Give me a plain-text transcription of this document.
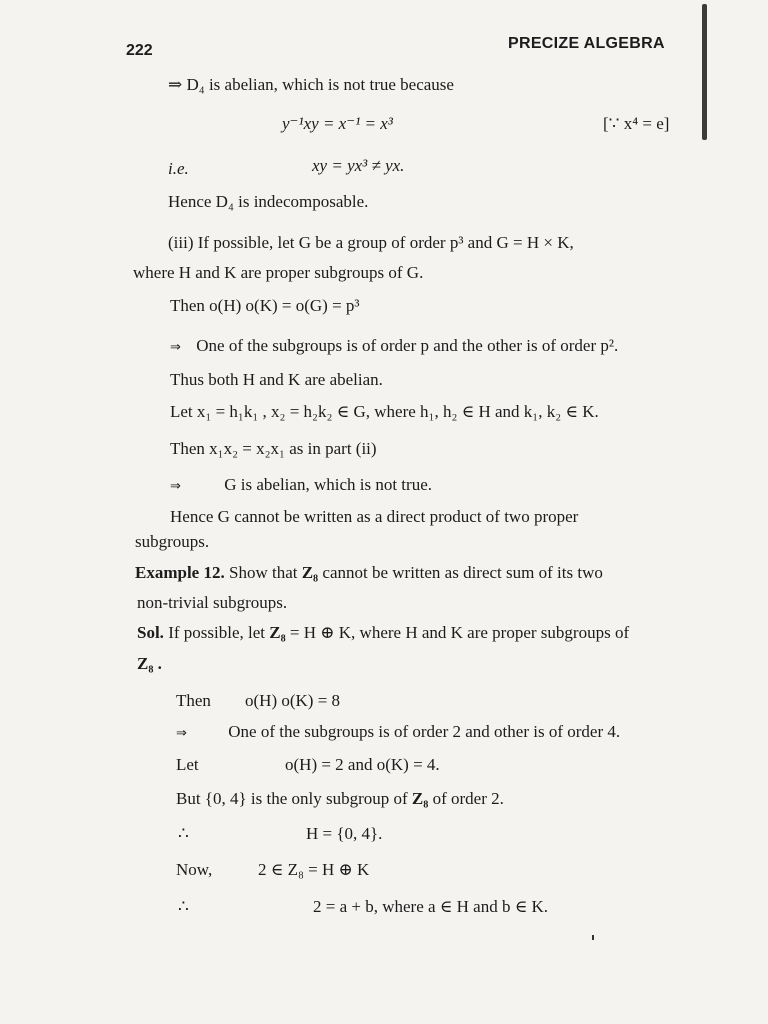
222	PRECIZE ALGEBRA
⇒ D₄ is abelian, which is not true because
y⁻¹xy = x⁻¹ = x³	[∵ x⁴ = e]
i.e.	xy = yx³ ≠ yx.
Hence D₄ is indecomposable.
(iii) If possible, let G be a group of order p³ and G = H × K,
where H and K are proper subgroups of G.
Then o(H) o(K) = o(G) = p³
⇒ One of the subgroups is of order p and the other is of order p².
Thus both H and K are abelian.
Let x₁ = h₁k₁ , x₂ = h₂k₂ ∈ G, where h₁, h₂ ∈ H and k₁, k₂ ∈ K.
Then x₁x₂ = x₂x₁ as in part (ii)
⇒	G is abelian, which is not true.
Hence G cannot be written as a direct product of two proper
subgroups.
Example 12. Show that Z₈ cannot be written as direct sum of its two
non-trivial subgroups.
Sol. If possible, let Z₈ = H ⊕ K, where H and K are proper subgroups of
Z₈ .
Then o(H) o(K) = 8
⇒ One of the subgroups is of order 2 and other is of order 4.
Let	o(H) = 2 and o(K) = 4.
But {0, 4} is the only subgroup of Z₈ of order 2.
∴	H = {0, 4}.
Now,	2 ∈ Z₈ = H ⊕ K
∴	2 = a + b, where a ∈ H and b ∈ K.
